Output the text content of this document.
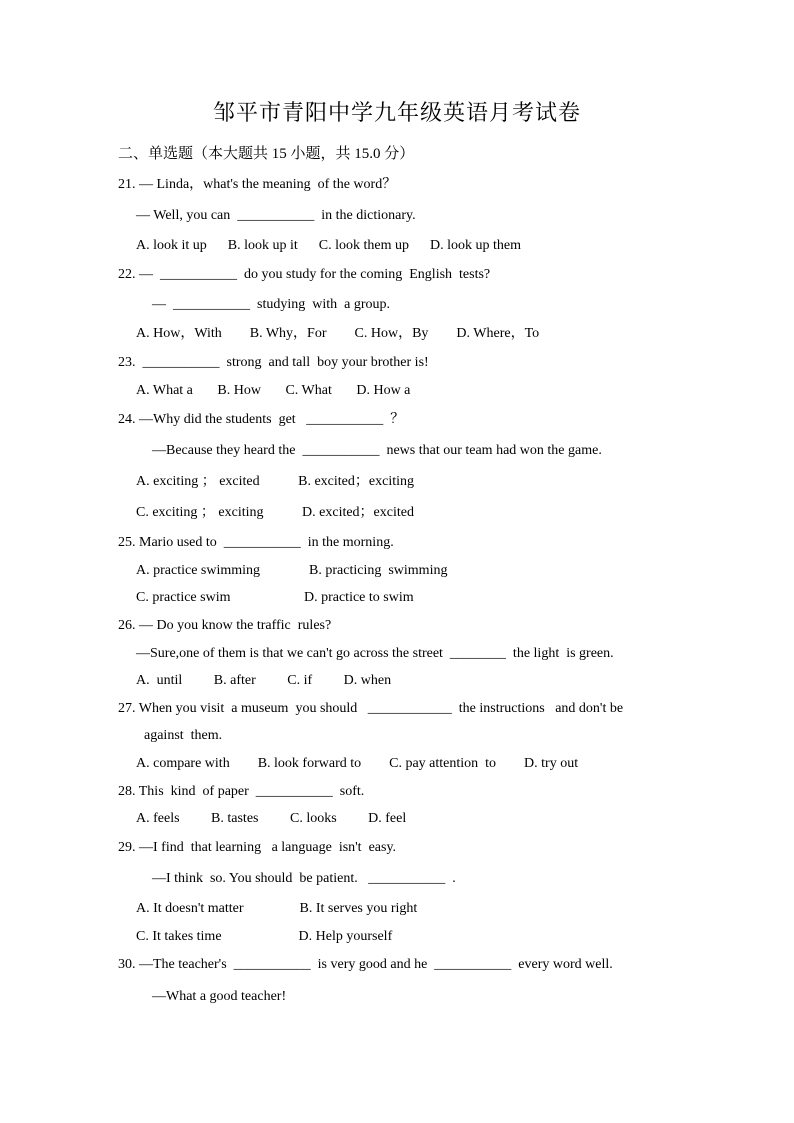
邹平市青阳中学九年级英语月考试卷
二、单选题（本大题共 15 小题，共 15.0 分）
21. — Linda，what's the meaning  of the word？
— Well, you can  ___________  in the dictionary.
A. look it up      B. look up it      C. look them up      D. look up them
22. —  ___________  do you study for the coming  English  tests?
—  ___________  studying  with  a group.
A. How，With        B. Why，For        C. How，By        D. Where，To
23.  ___________  strong  and tall  boy your brother is!
A. What a       B. How       C. What       D. How a
24. —Why did the students  get   ___________  ？
—Because they heard the  ___________  news that our team had won the game.
A. exciting ； excited           B. excited；exciting
C. exciting ； exciting           D. excited；excited
25. Mario used to  ___________  in the morning.
A. practice swimming              B. practicing  swimming
C. practice swim                     D. practice to swim
26. — Do you know the traffic  rules?
—Sure,one of them is that we can't go across the street  ________  the light  is green.
A.  until         B. after         C. if         D. when
27. When you visit  a museum  you should   ____________  the instructions   and don't be
against  them.
A. compare with        B. look forward to        C. pay attention  to        D. try out
28. This  kind  of paper  ___________  soft.
A. feels         B. tastes         C. looks         D. feel
29. —I find  that learning   a language  isn't  easy.
—I think  so. You should  be patient.   ___________  .
A. It doesn't matter                B. It serves you right
C. It takes time                      D. Help yourself
30. —The teacher's  ___________  is very good and he  ___________  every word well.
—What a good teacher!
